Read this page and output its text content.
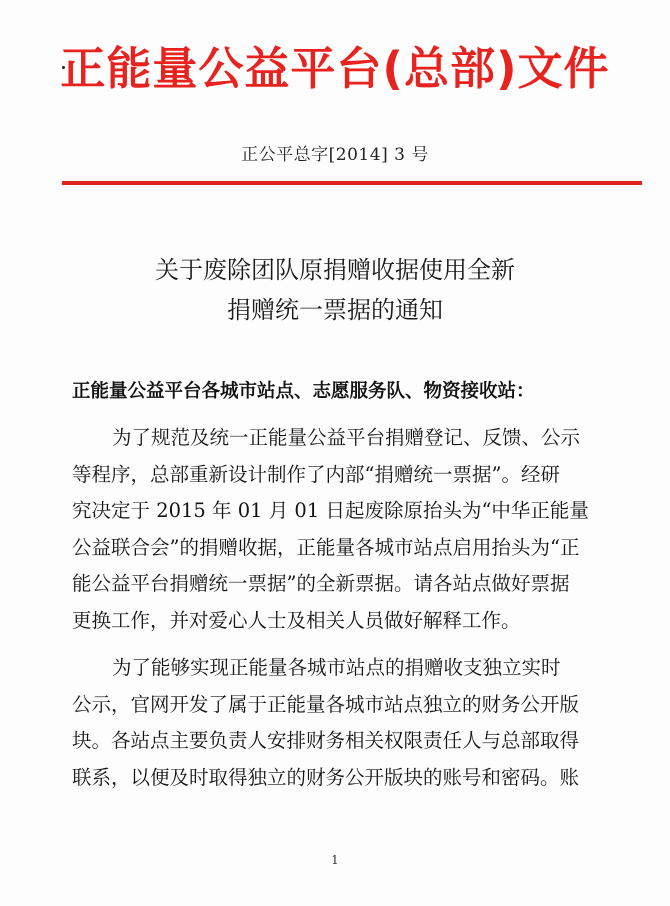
正能量公益平台(总部)文件
正公平总字[2014] 3 号
关于废除团队原捐赠收据使用全新
捐赠统一票据的通知
正能量公益平台各城市站点、志愿服务队、物资接收站：
为了规范及统一正能量公益平台捐赠登记、反馈、公示
等程序，总部重新设计制作了内部“捐赠统一票据”。经研
究决定于 2015 年 01 月 01 日起废除原抬头为“中华正能量
公益联合会”的捐赠收据，正能量各城市站点启用抬头为“正
能公益平台捐赠统一票据”的全新票据。请各站点做好票据
更换工作，并对爱心人士及相关人员做好解释工作。
为了能够实现正能量各城市站点的捐赠收支独立实时
公示，官网开发了属于正能量各城市站点独立的财务公开版
块。各站点主要负责人安排财务相关权限责任人与总部取得
联系，以便及时取得独立的财务公开版块的账号和密码。账
1
